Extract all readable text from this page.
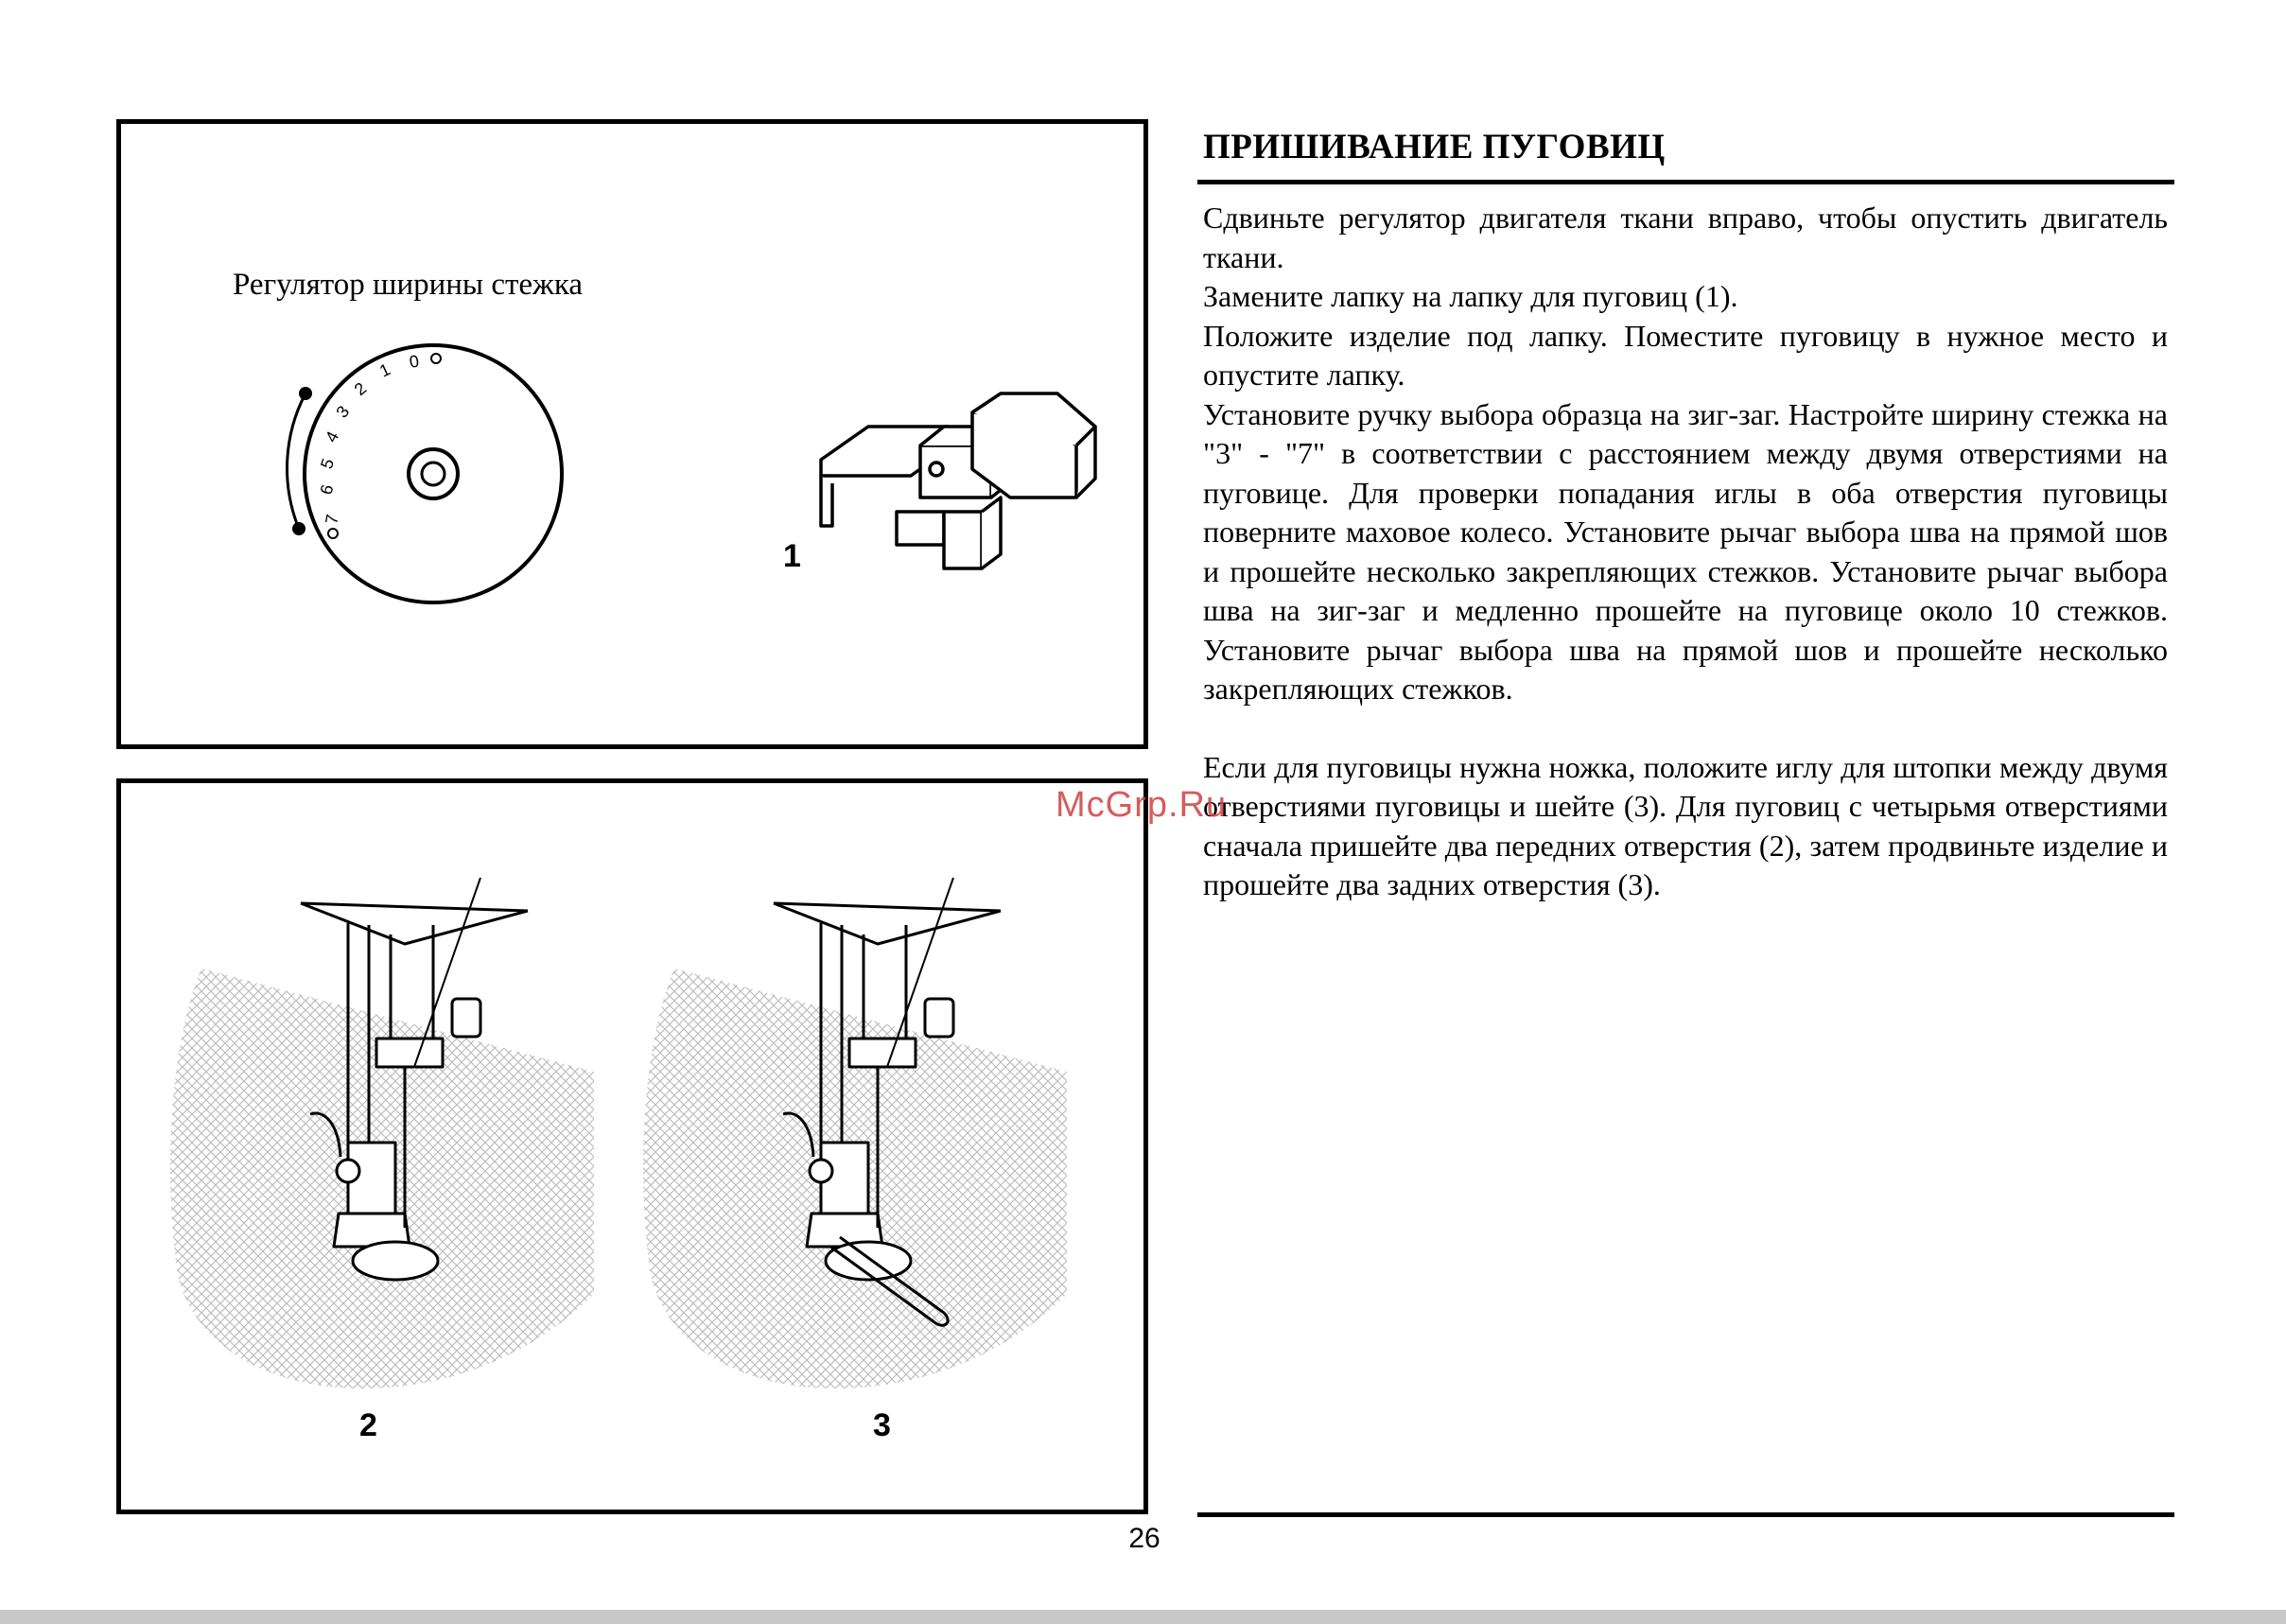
Регулятор ширины стежка
7
6
5
4
3
2
1 0
1
2	3
ПРИШИВАНИЕ ПУГОВИЦ

Сдвиньте регулятор двигателя ткани вправо, чтобы опустить двигатель ткани.

Замените лапку на лапку для пуговиц (1).

Положите изделие под лапку. Поместите пуговицу в нужное место и опустите лапку.

Установите ручку выбора образца на зиг-заг. Настройте ширину стежка на "3" - "7" в соответствии с расстоянием между двумя отверстиями на пуговице. Для проверки попадания иглы в оба отверстия пуговицы поверните маховое колесо. Установите рычаг выбора шва на прямой шов и прошейте несколько закрепляющих стежков. Установите рычаг выбора шва на зиг-заг и медленно прошейте на пуговице около 10 стежков. Установите рычаг выбора шва на прямой шов и прошейте несколько закрепляющих стежков.

Если для пуговицы нужна ножка, положите иглу для штопки между двумя отверстиями пуговицы и шейте (3). Для пуговиц с четырьмя отверстиями сначала пришейте два передних отверстия (2), затем продвиньте изделие и прошейте два задних отверстия (3).

McGrp.Ru
26
